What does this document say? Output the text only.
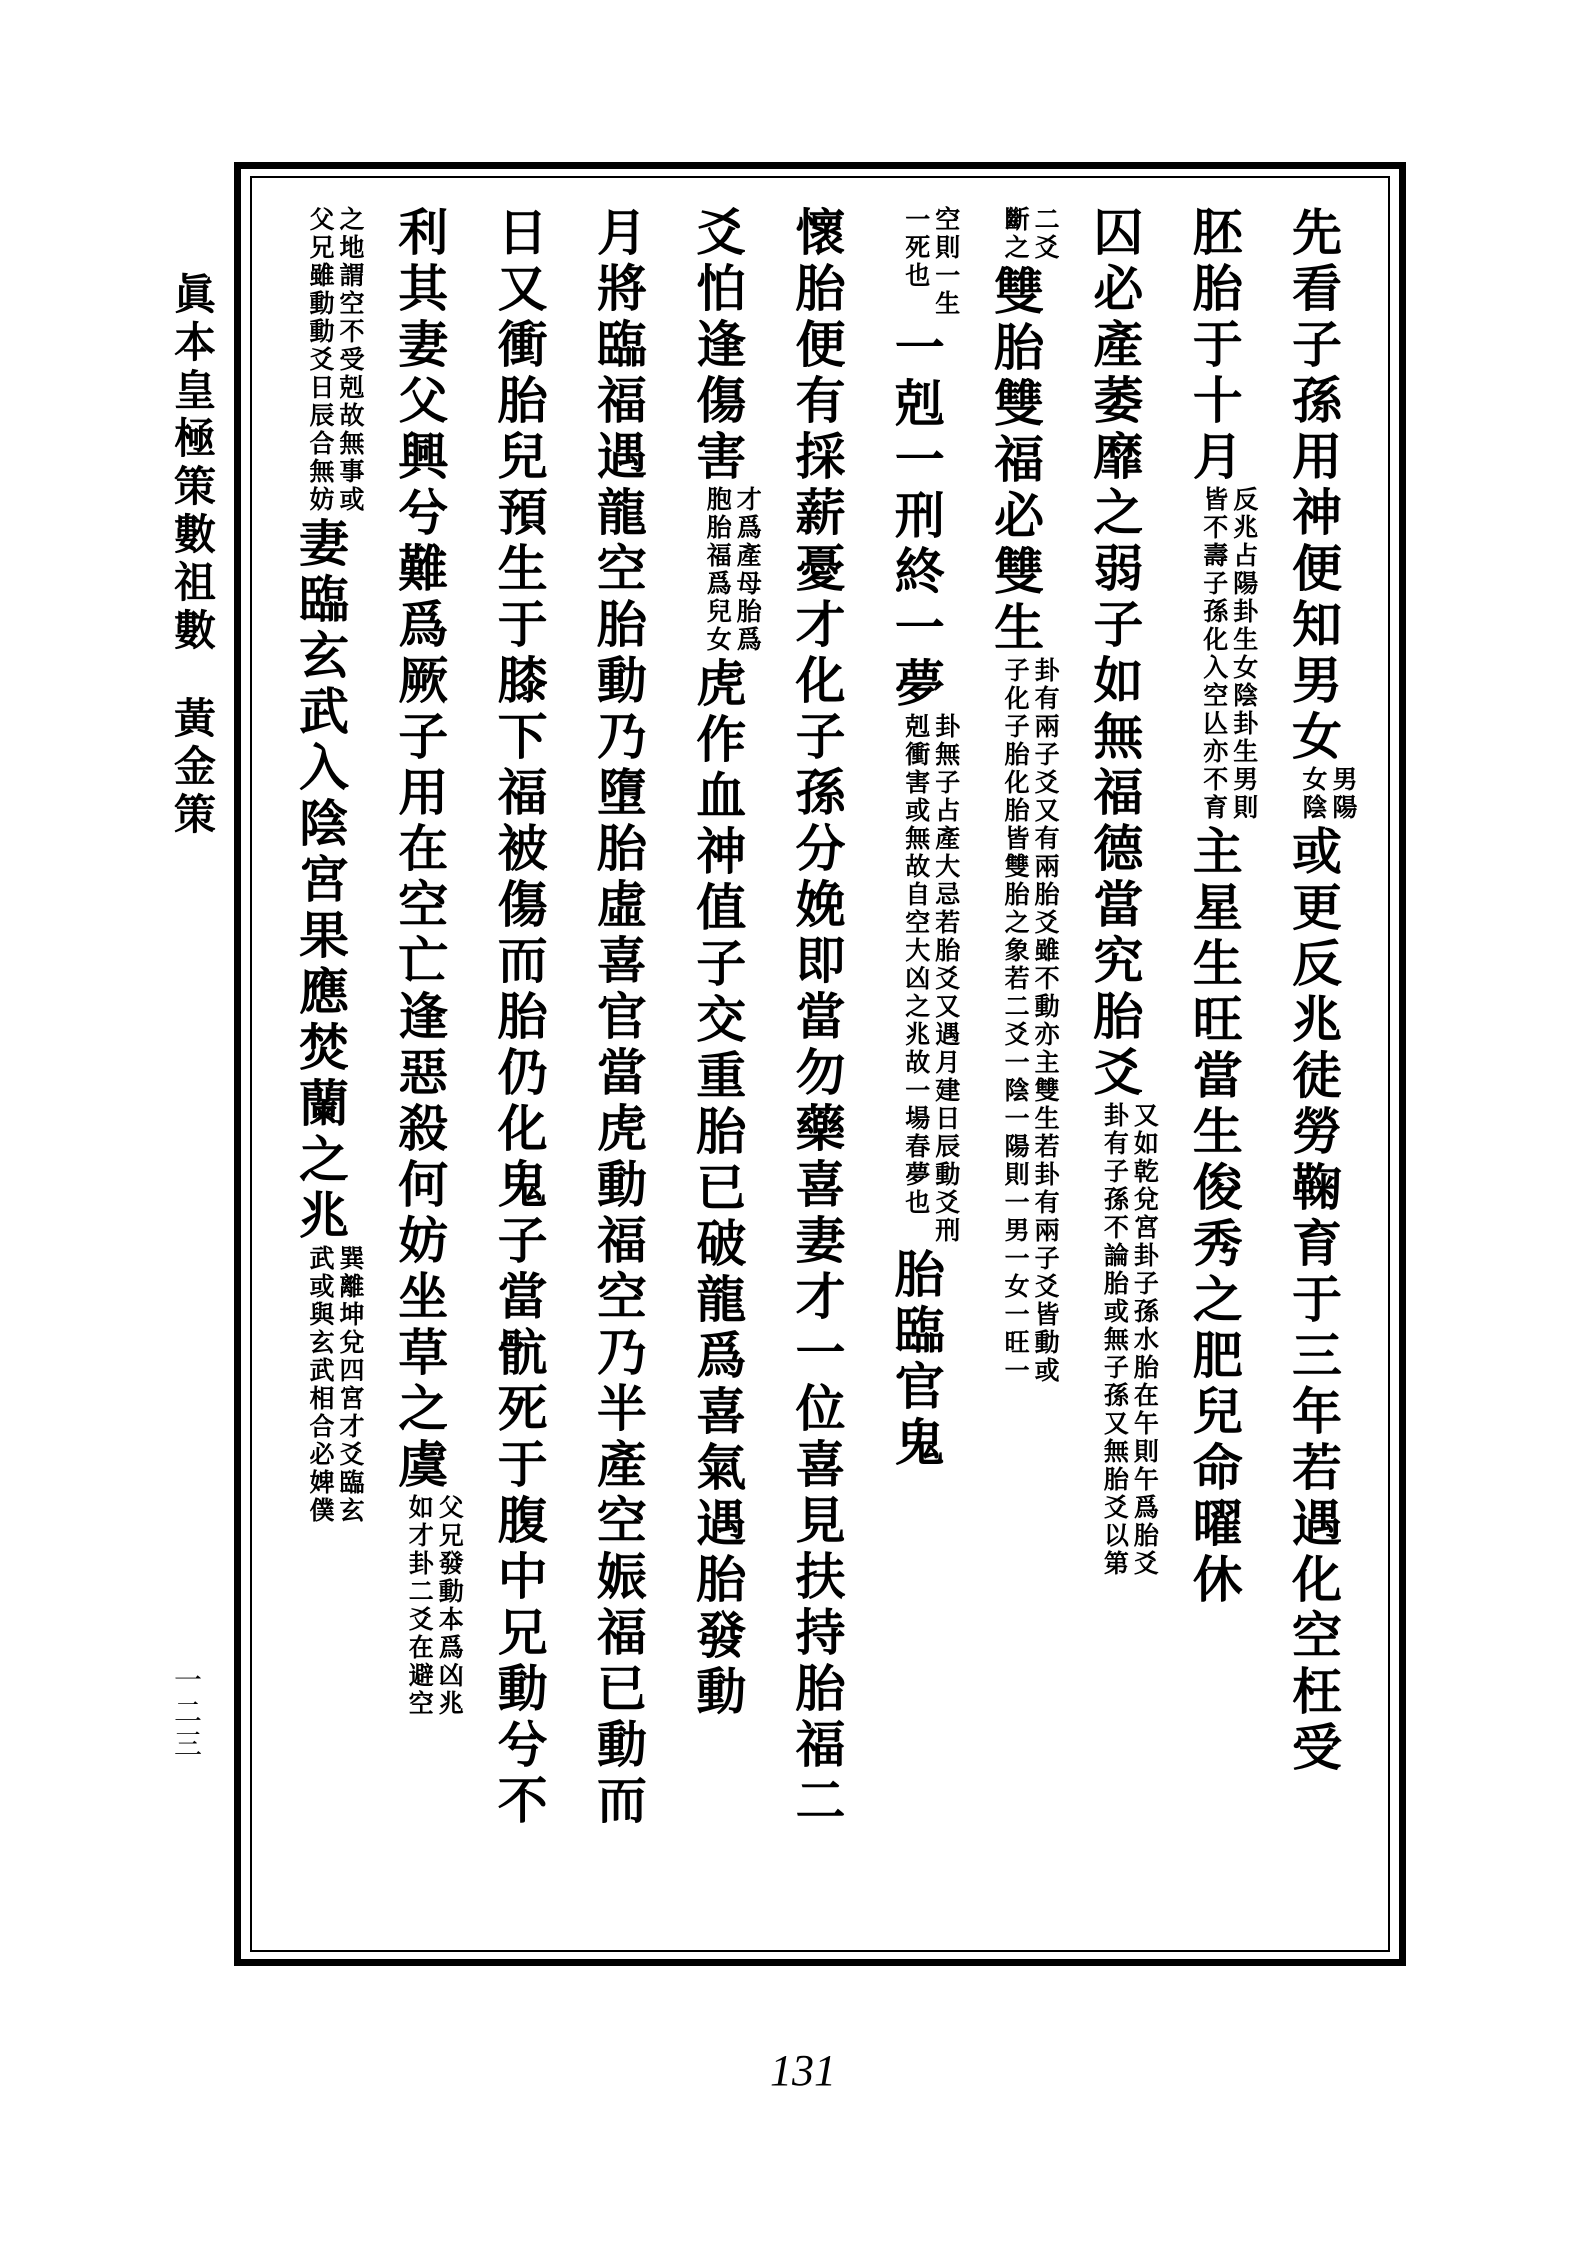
眞本皇極策數祖數黃金策
一二三
先看子孫用神便知男女男陽女陰或更反兆徒勞鞠育于三年若遇化空枉受
胚胎于十月反兆占陽卦生女陰卦生男則皆不壽子孫化入空亾亦不育主星生旺當生俊秀之肥兒命曜休
囚必產萎靡之弱子如無福德當究胎爻又如乾兌宮卦子孫水胎在午則午爲胎爻卦有子孫不論胎或無子孫又無胎爻以第
二爻斷之雙胎雙福必雙生卦有兩子爻又有兩胎爻雖不動亦主雙生若卦有兩子爻皆動或子化子胎化胎皆雙胎之象若二爻一陰一陽則一男一女一旺一
空則一生一死也一剋一刑終一夢卦無子占產大忌若胎爻又遇月建日辰動爻刑剋衝害或無故自空大凶之兆故一場春夢也胎臨官鬼
懷胎便有採薪憂才化子孫分娩即當勿藥喜妻才一位喜見扶持胎福二
爻怕逢傷害才爲產母胎爲胞胎福爲兒女虎作血神值子交重胎已破龍爲喜氣遇胎發動
月將臨福遇龍空胎動乃墮胎虛喜官當虎動福空乃半產空娠福已動而
日又衝胎兒預生于膝下福被傷而胎仍化鬼子當骯死于腹中兄動兮不
利其妻父興兮難爲厥子用在空亡逢惡殺何妨坐草之虞父兄發動本爲凶兆如才卦二爻在避空
之地謂空不受剋故無事或父兄雖動動爻日辰合無妨妻臨玄武入陰宮果應焚蘭之兆巽離坤兌四宮才爻臨玄武或與玄武相合必婢僕
131
